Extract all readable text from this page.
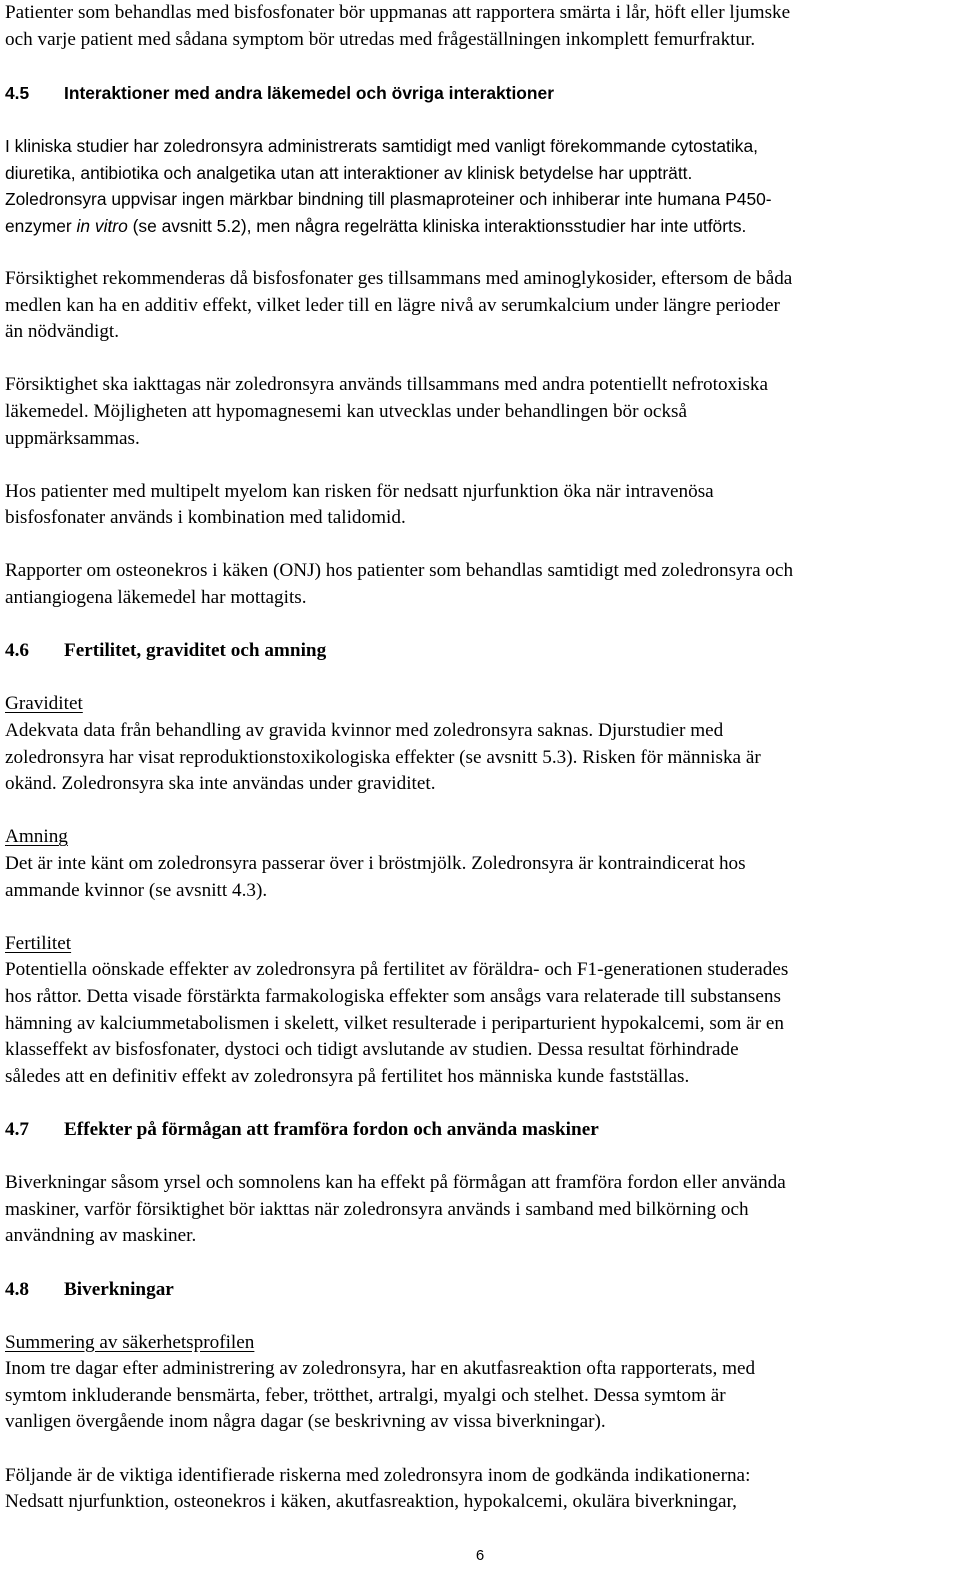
Patienter som behandlas med bisfosfonater bör uppmanas att rapportera smärta i lår, höft eller ljumske
och varje patient med sådana symptom bör utredas med frågeställningen inkomplett femurfraktur.
4.5 Interaktioner med andra läkemedel och övriga interaktioner
I kliniska studier har zoledronsyra administrerats samtidigt med vanligt förekommande cytostatika,
diuretika, antibiotika och analgetika utan att interaktioner av klinisk betydelse har uppträtt.
Zoledronsyra uppvisar ingen märkbar bindning till plasmaproteiner och inhiberar inte humana P450-
enzymer in vitro (se avsnitt 5.2), men några regelrätta kliniska interaktionsstudier har inte utförts.
Försiktighet rekommenderas då bisfosfonater ges tillsammans med aminoglykosider, eftersom de båda
medlen kan ha en additiv effekt, vilket leder till en lägre nivå av serumkalcium under längre perioder
än nödvändigt.
Försiktighet ska iakttagas när zoledronsyra används tillsammans med andra potentiellt nefrotoxiska
läkemedel. Möjligheten att hypomagnesemi kan utvecklas under behandlingen bör också
uppmärksammas.
Hos patienter med multipelt myelom kan risken för nedsatt njurfunktion öka när intravenösa
bisfosfonater används i kombination med talidomid.
Rapporter om osteonekros i käken (ONJ) hos patienter som behandlas samtidigt med zoledronsyra och
antiangiogena läkemedel har mottagits.
4.6 Fertilitet, graviditet och amning
Graviditet
Adekvata data från behandling av gravida kvinnor med zoledronsyra saknas. Djurstudier med
zoledronsyra har visat reproduktionstoxikologiska effekter (se avsnitt 5.3). Risken för människa är
okänd. Zoledronsyra ska inte användas under graviditet.
Amning
Det är inte känt om zoledronsyra passerar över i bröstmjölk. Zoledronsyra är kontraindicerat hos
ammande kvinnor (se avsnitt 4.3).
Fertilitet
Potentiella oönskade effekter av zoledronsyra på fertilitet av föräldra- och F1-generationen studerades
hos råttor. Detta visade förstärkta farmakologiska effekter som ansågs vara relaterade till substansens
hämning av kalciummetabolismen i skelett, vilket resulterade i periparturient hypokalcemi, som är en
klasseffekt av bisfosfonater, dystoci och tidigt avslutande av studien. Dessa resultat förhindrade
således att en definitiv effekt av zoledronsyra på fertilitet hos människa kunde fastställas.
4.7 Effekter på förmågan att framföra fordon och använda maskiner
Biverkningar såsom yrsel och somnolens kan ha effekt på förmågan att framföra fordon eller använda
maskiner, varför försiktighet bör iakttas när zoledronsyra används i samband med bilkörning och
användning av maskiner.
4.8 Biverkningar
Summering av säkerhetsprofilen
Inom tre dagar efter administrering av zoledronsyra, har en akutfasreaktion ofta rapporterats, med
symtom inkluderande bensmärta, feber, trötthet, artralgi, myalgi och stelhet. Dessa symtom är
vanligen övergående inom några dagar (se beskrivning av vissa biverkningar).
Följande är de viktiga identifierade riskerna med zoledronsyra inom de godkända indikationerna:
Nedsatt njurfunktion, osteonekros i käken, akutfasreaktion, hypokalcemi, okulära biverkningar,
6
